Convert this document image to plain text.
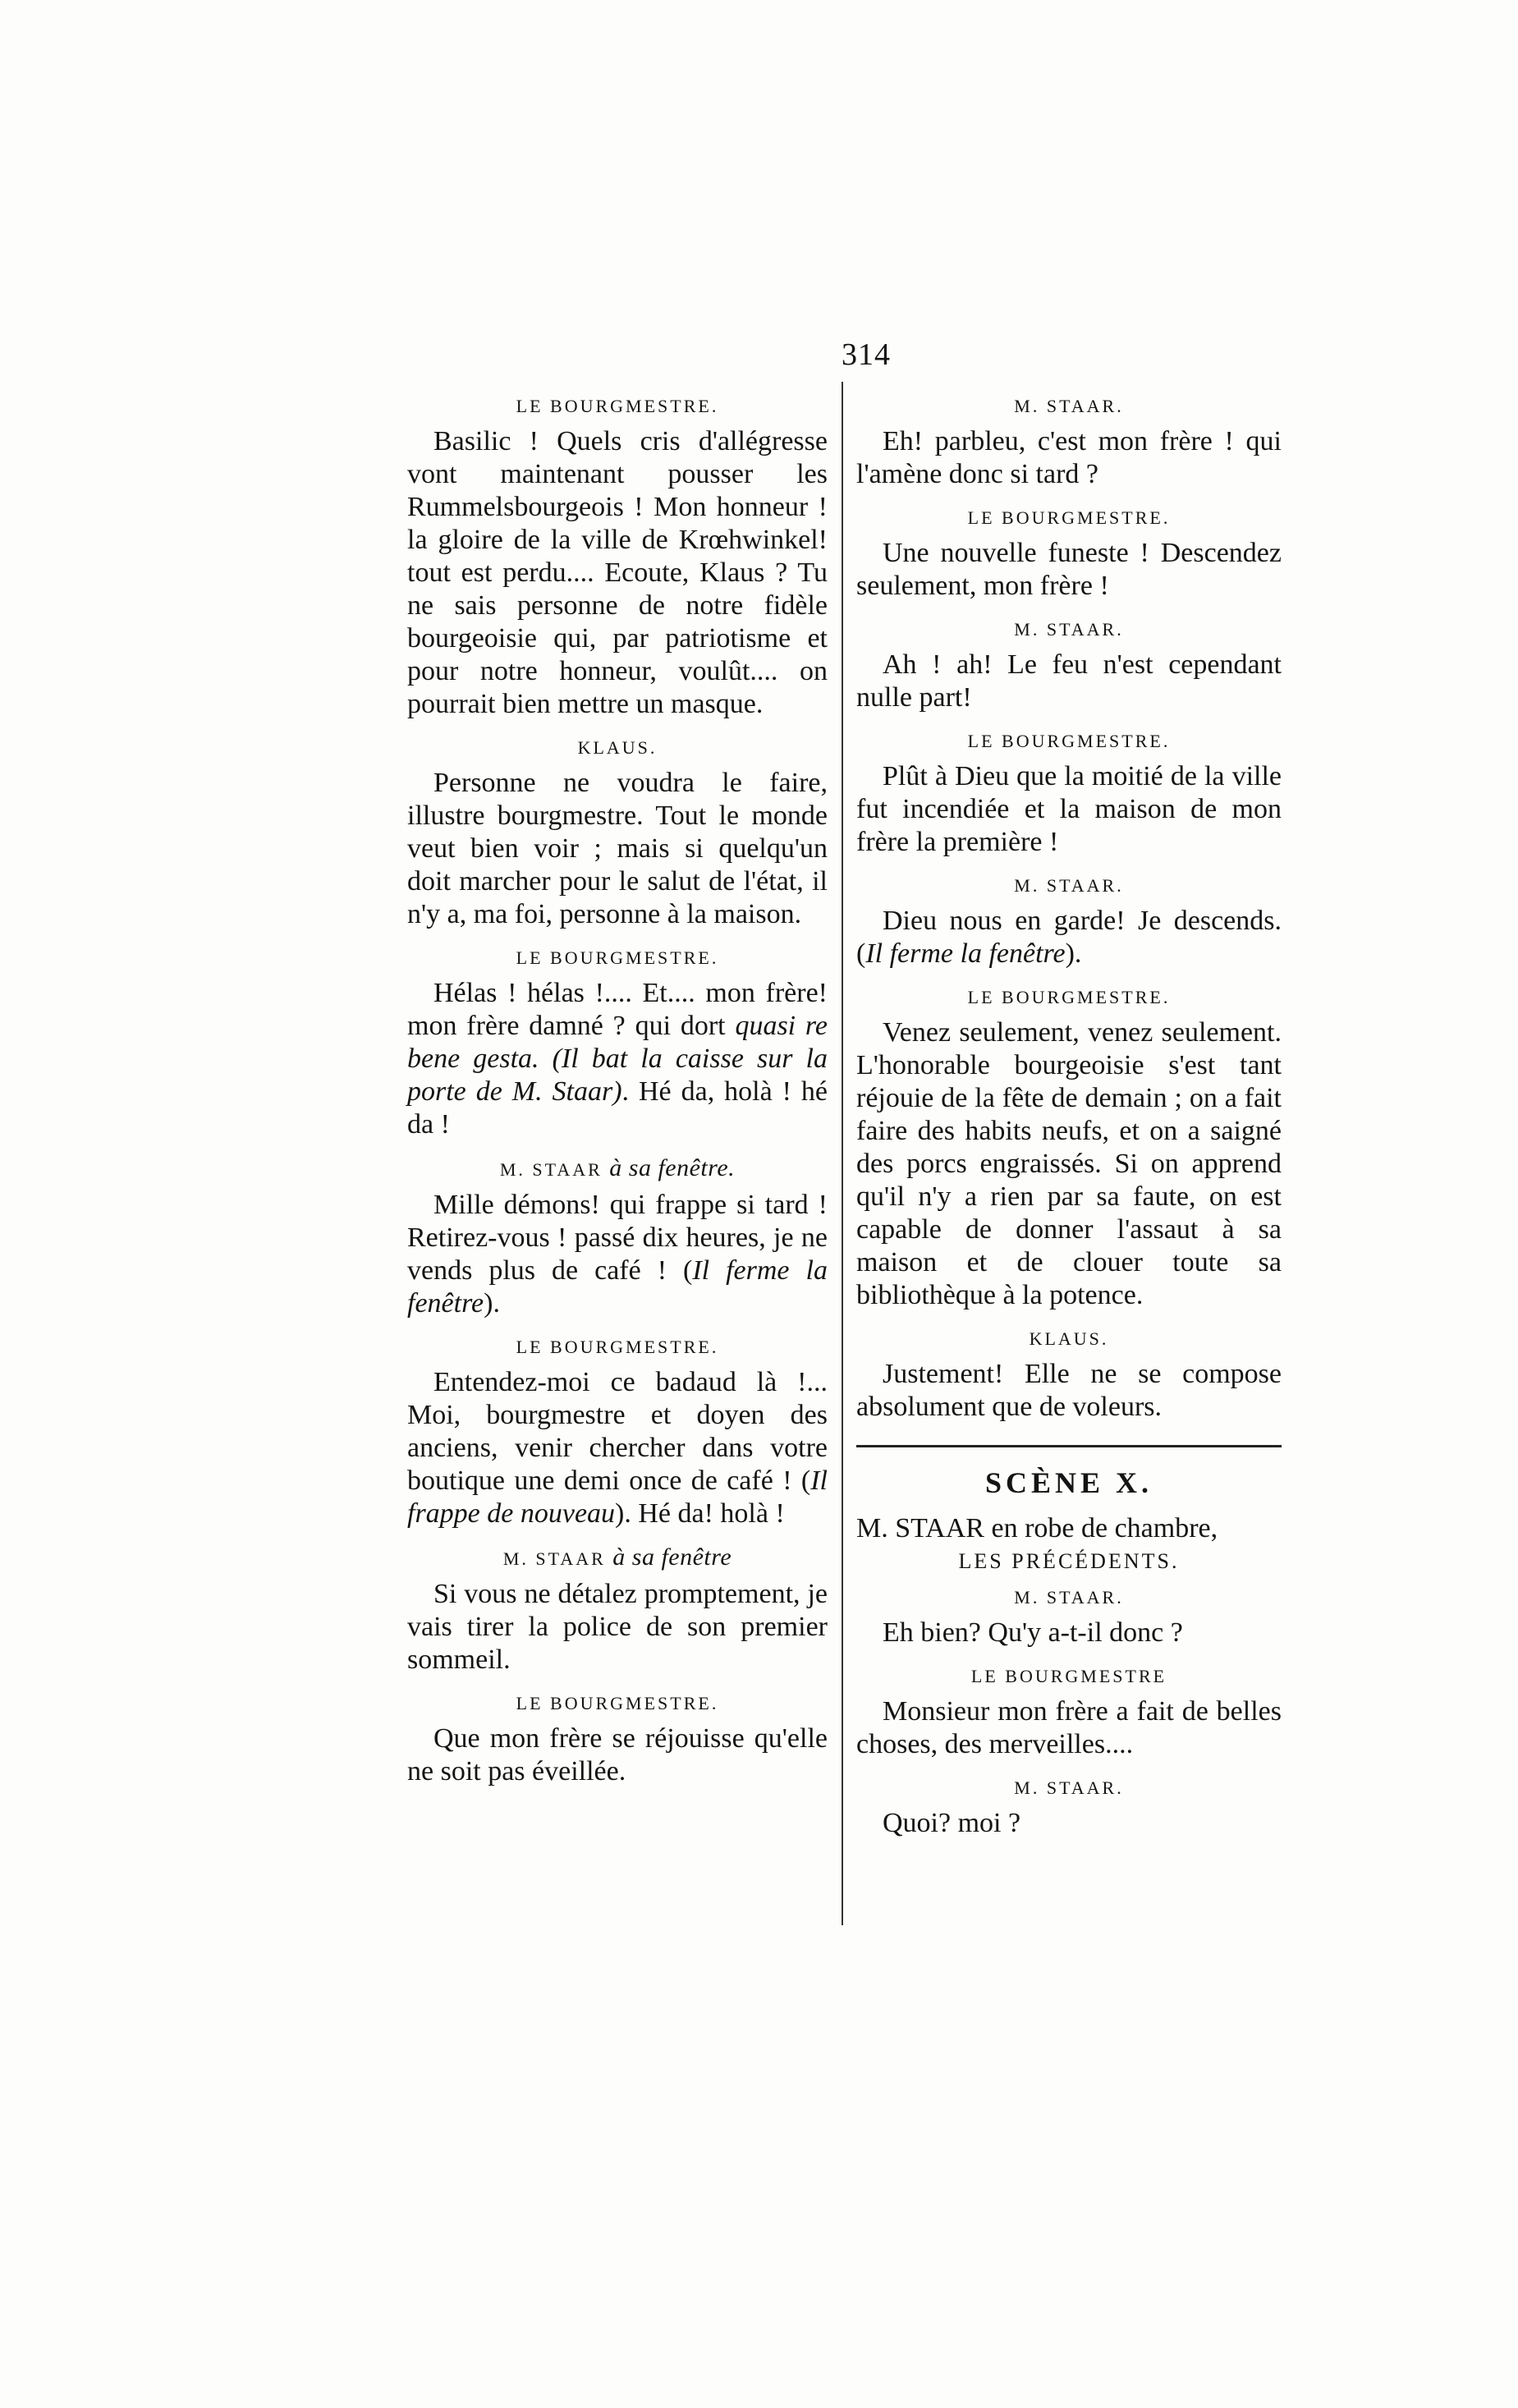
314
LE BOURGMESTRE.

Basilic ! Quels cris d'allégresse vont maintenant pousser les Rummelsbourgeois ! Mon honneur ! la gloire de la ville de Krœhwinkel! tout est perdu.... Ecoute, Klaus ? Tu ne sais personne de notre fidèle bourgeoisie qui, par patriotisme et pour notre honneur, voulût.... on pourrait bien mettre un masque.

KLAUS.

Personne ne voudra le faire, illustre bourgmestre. Tout le monde veut bien voir ; mais si quelqu'un doit marcher pour le salut de l'état, il n'y a, ma foi, personne à la maison.

LE BOURGMESTRE.

Hélas ! hélas !.... Et.... mon frère! mon frère damné ? qui dort quasi re bene gesta. (Il bat la caisse sur la porte de M. Staar). Hé da, holà ! hé da !

M. STAAR à sa fenêtre.

Mille démons! qui frappe si tard ! Retirez-vous ! passé dix heures, je ne vends plus de café ! (Il ferme la fenêtre).

LE BOURGMESTRE.

Entendez-moi ce badaud là !... Moi, bourgmestre et doyen des anciens, venir chercher dans votre boutique une demi once de café ! (Il frappe de nouveau). Hé da! holà !

M. STAAR à sa fenêtre

Si vous ne détalez promptement, je vais tirer la police de son premier sommeil.

LE BOURGMESTRE.

Que mon frère se réjouisse qu'elle ne soit pas éveillée.

M. STAAR.

Eh! parbleu, c'est mon frère ! qui l'amène donc si tard ?

LE BOURGMESTRE.

Une nouvelle funeste ! Descendez seulement, mon frère !

M. STAAR.

Ah ! ah! Le feu n'est cependant nulle part!

LE BOURGMESTRE.

Plût à Dieu que la moitié de la ville fut incendiée et la maison de mon frère la première !

M. STAAR.

Dieu nous en garde! Je descends. (Il ferme la fenêtre).

LE BOURGMESTRE.

Venez seulement, venez seulement. L'honorable bourgeoisie s'est tant réjouie de la fête de demain ; on a fait faire des habits neufs, et on a saigné des porcs engraissés. Si on apprend qu'il n'y a rien par sa faute, on est capable de donner l'assaut à sa maison et de clouer toute sa bibliothèque à la potence.

KLAUS.

Justement! Elle ne se compose absolument que de voleurs.

SCÈNE X.
M. STAAR en robe de chambre,
LES PRÉCÉDENTS.
M. STAAR.

Eh bien? Qu'y a-t-il donc ?

LE BOURGMESTRE

Monsieur mon frère a fait de belles choses, des merveilles....

M. STAAR.

Quoi? moi ?
